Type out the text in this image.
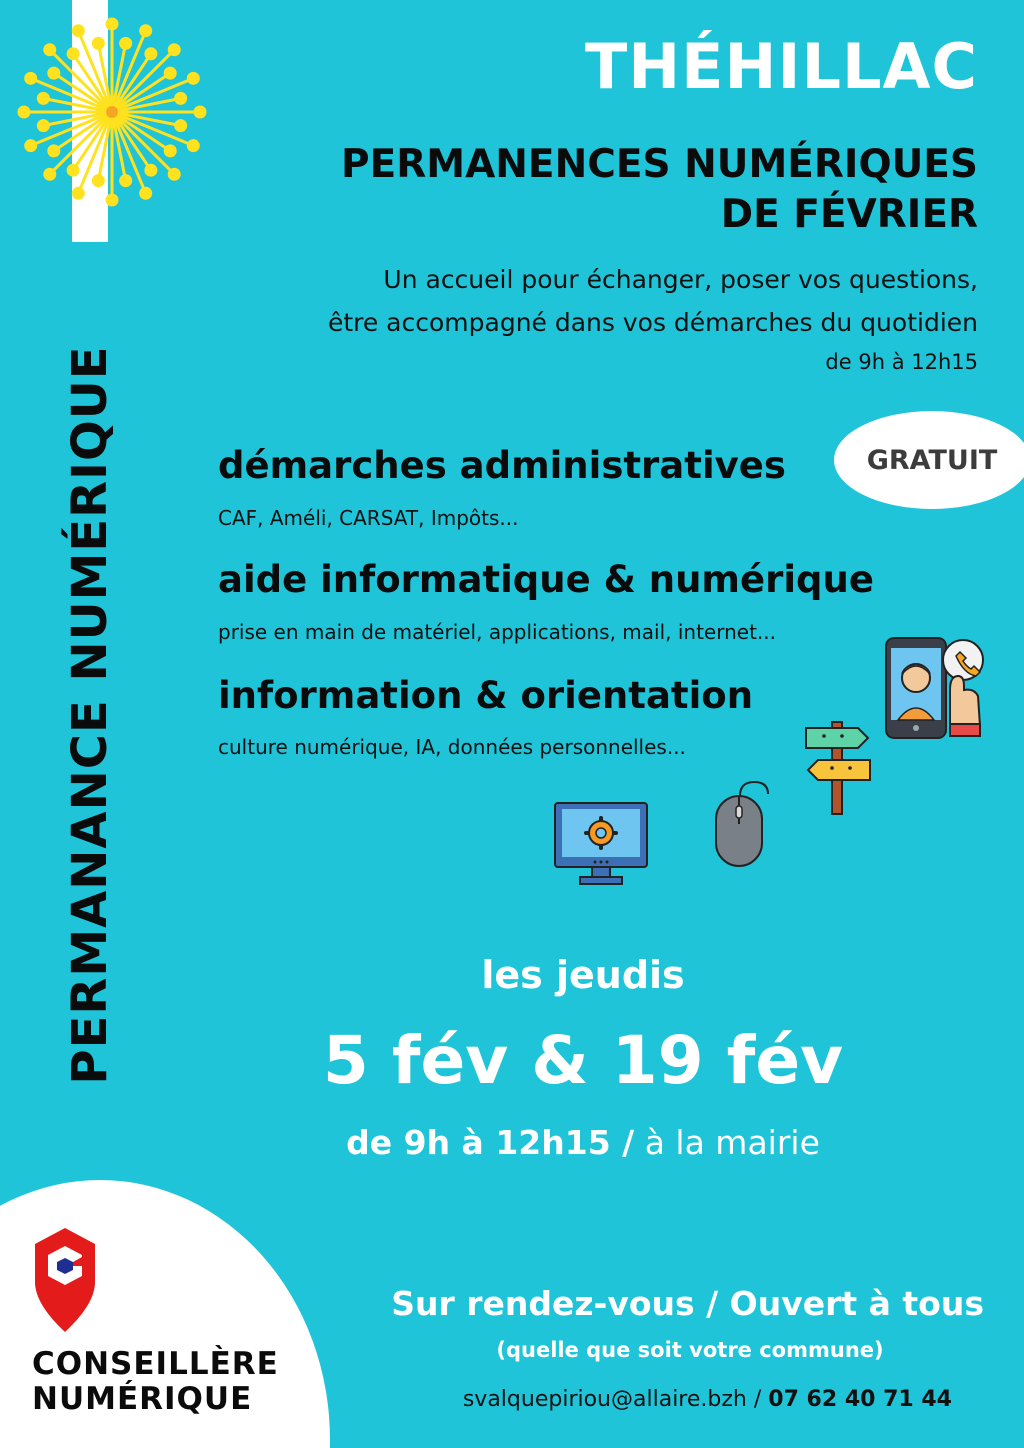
PERMANANCE NUMÉRIQUE
THÉHILLAC
PERMANENCES NUMÉRIQUES
DE FÉVRIER
Un accueil pour échanger, poser vos questions,
être accompagné dans vos démarches du quotidien
de 9h à 12h15
GRATUIT
démarches administratives
CAF, Améli, CARSAT, Impôts...
aide informatique & numérique
prise en main de matériel, applications, mail, internet...
information & orientation
culture numérique, IA, données personnelles...
les jeudis
5 fév & 19 fév
de 9h à 12h15 / à la mairie
CONSEILLÈRE
NUMÉRIQUE
Sur rendez-vous / Ouvert à tous
(quelle que soit votre commune)
svalquepiriou@allaire.bzh / 07 62 40 71 44
